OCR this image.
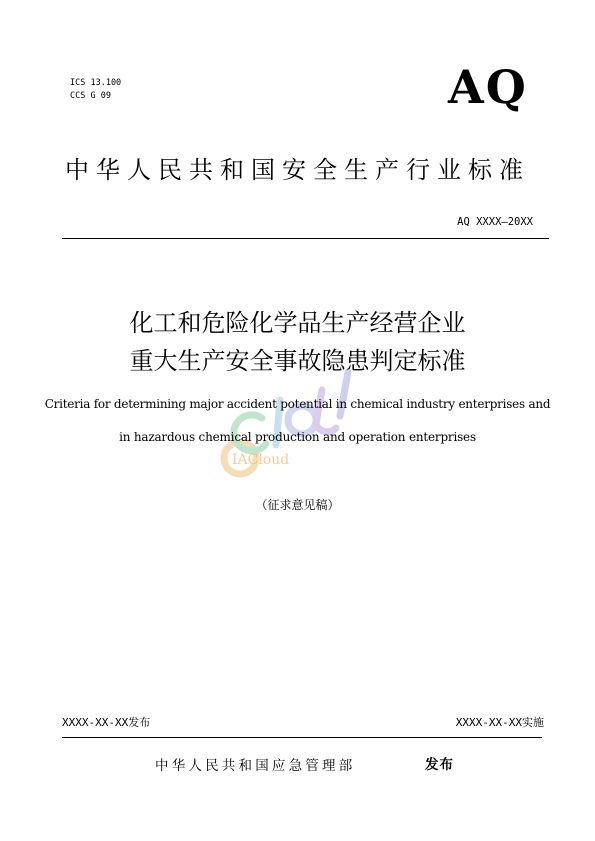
ICS 13.100
CCS G 09	AQ
中华人民共和国安全生产行业标准
AQ XXXX—20XX
化工和危险化学品生产经营企业
重大生产安全事故隐患判定标准
IACloud
Criteria for determining major accident potential in chemical industry enterprises and
in hazardous chemical production and operation enterprises
（征求意见稿）
XXXX-XX-XX发布	XXXX-XX-XX实施
中华人民共和国应急管理部	发布
